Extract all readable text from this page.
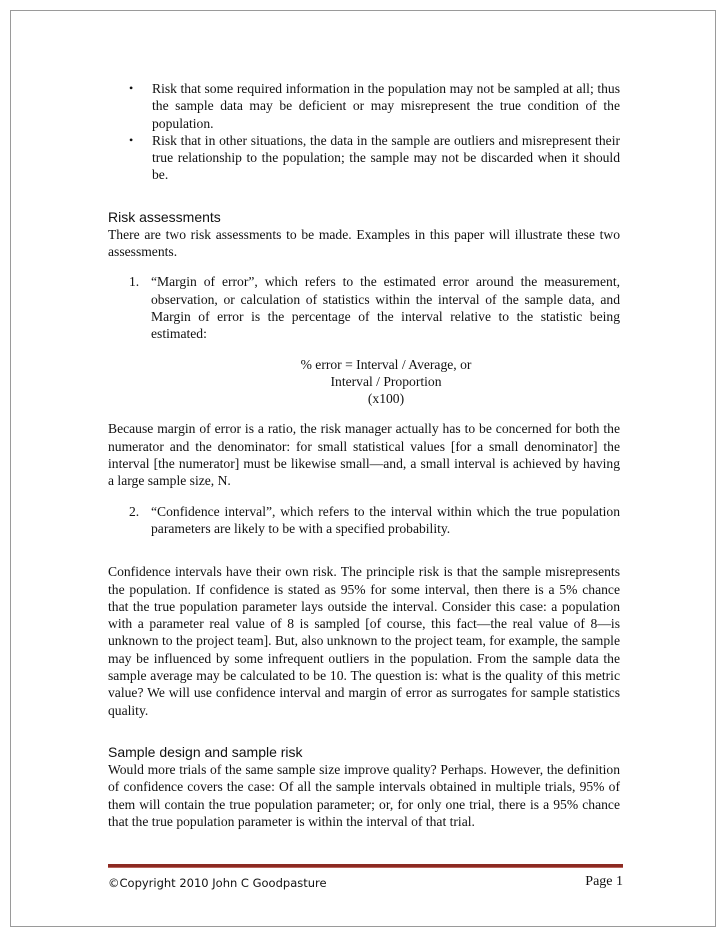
• Risk that some required information in the population may not be sampled at all; thus the sample data may be deficient or may misrepresent the true condition of the population.
• Risk that in other situations, the data in the sample are outliers and misrepresent their true relationship to the population; the sample may not be discarded when it should be.
Risk assessments

There are two risk assessments to be made. Examples in this paper will illustrate these two assessments.

1. “Margin of error”, which refers to the estimated error around the measurement, observation, or calculation of statistics within the interval of the sample data, and Margin of error is the percentage of the interval relative to the statistic being estimated:
% error = Interval / Average, or
Interval / Proportion
(x100)

Because margin of error is a ratio, the risk manager actually has to be concerned for both the numerator and the denominator: for small statistical values [for a small denominator] the interval [the numerator] must be likewise small—and, a small interval is achieved by having a large sample size, N.

2. “Confidence interval”, which refers to the interval within which the true population parameters are likely to be with a specified probability.

Confidence intervals have their own risk. The principle risk is that the sample misrepresents the population. If confidence is stated as 95% for some interval, then there is a 5% chance that the true population parameter lays outside the interval. Consider this case: a population with a parameter real value of 8 is sampled [of course, this fact—the real value of 8—is unknown to the project team]. But, also unknown to the project team, for example, the sample may be influenced by some infrequent outliers in the population. From the sample data the sample average may be calculated to be 10. The question is: what is the quality of this metric value? We will use confidence interval and margin of error as surrogates for sample statistics quality.

Sample design and sample risk

Would more trials of the same sample size improve quality? Perhaps. However, the definition of confidence covers the case: Of all the sample intervals obtained in multiple trials, 95% of them will contain the true population parameter; or, for only one trial, there is a 95% chance that the true population parameter is within the interval of that trial.

©Copyright 2010 John C Goodpasture	Page 1
